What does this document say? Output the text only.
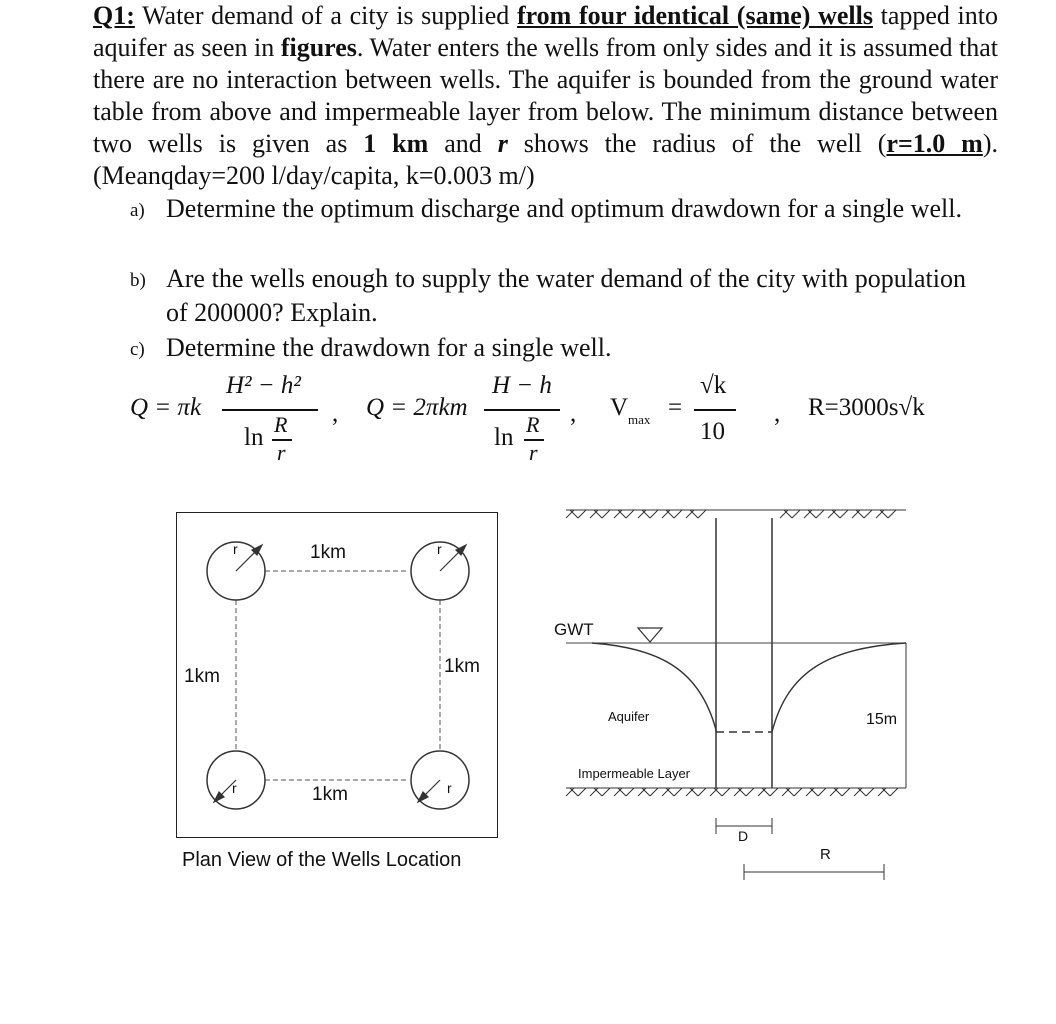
Q1: Water demand of a city is supplied from four identical (same) wells tapped into aquifer as seen in figures. Water enters the wells from only sides and it is assumed that there are no interaction between wells. The aquifer is bounded from the ground water table from above and impermeable layer from below. The minimum distance between two wells is given as 1 km and r shows the radius of the well (r=1.0 m). (Meanqday=200 l/day/capita, k=0.003 m/)

a) Determine the optimum discharge and optimum drawdown for a single well.
b) Are the wells enough to supply the water demand of the city with population of 200000? Explain.
c) Determine the drawdown for a single well.
Q = πk
H² − h²
ln R
r
, Q = 2πkm
H − h
ln R
r
, V max =
√k
10
, R=3000s√k
1km
1km
1km	1km
r	r
r	r
Plan View of the Wells Location
GWT
Aquifer
Impermeable Layer
15m
D
R
